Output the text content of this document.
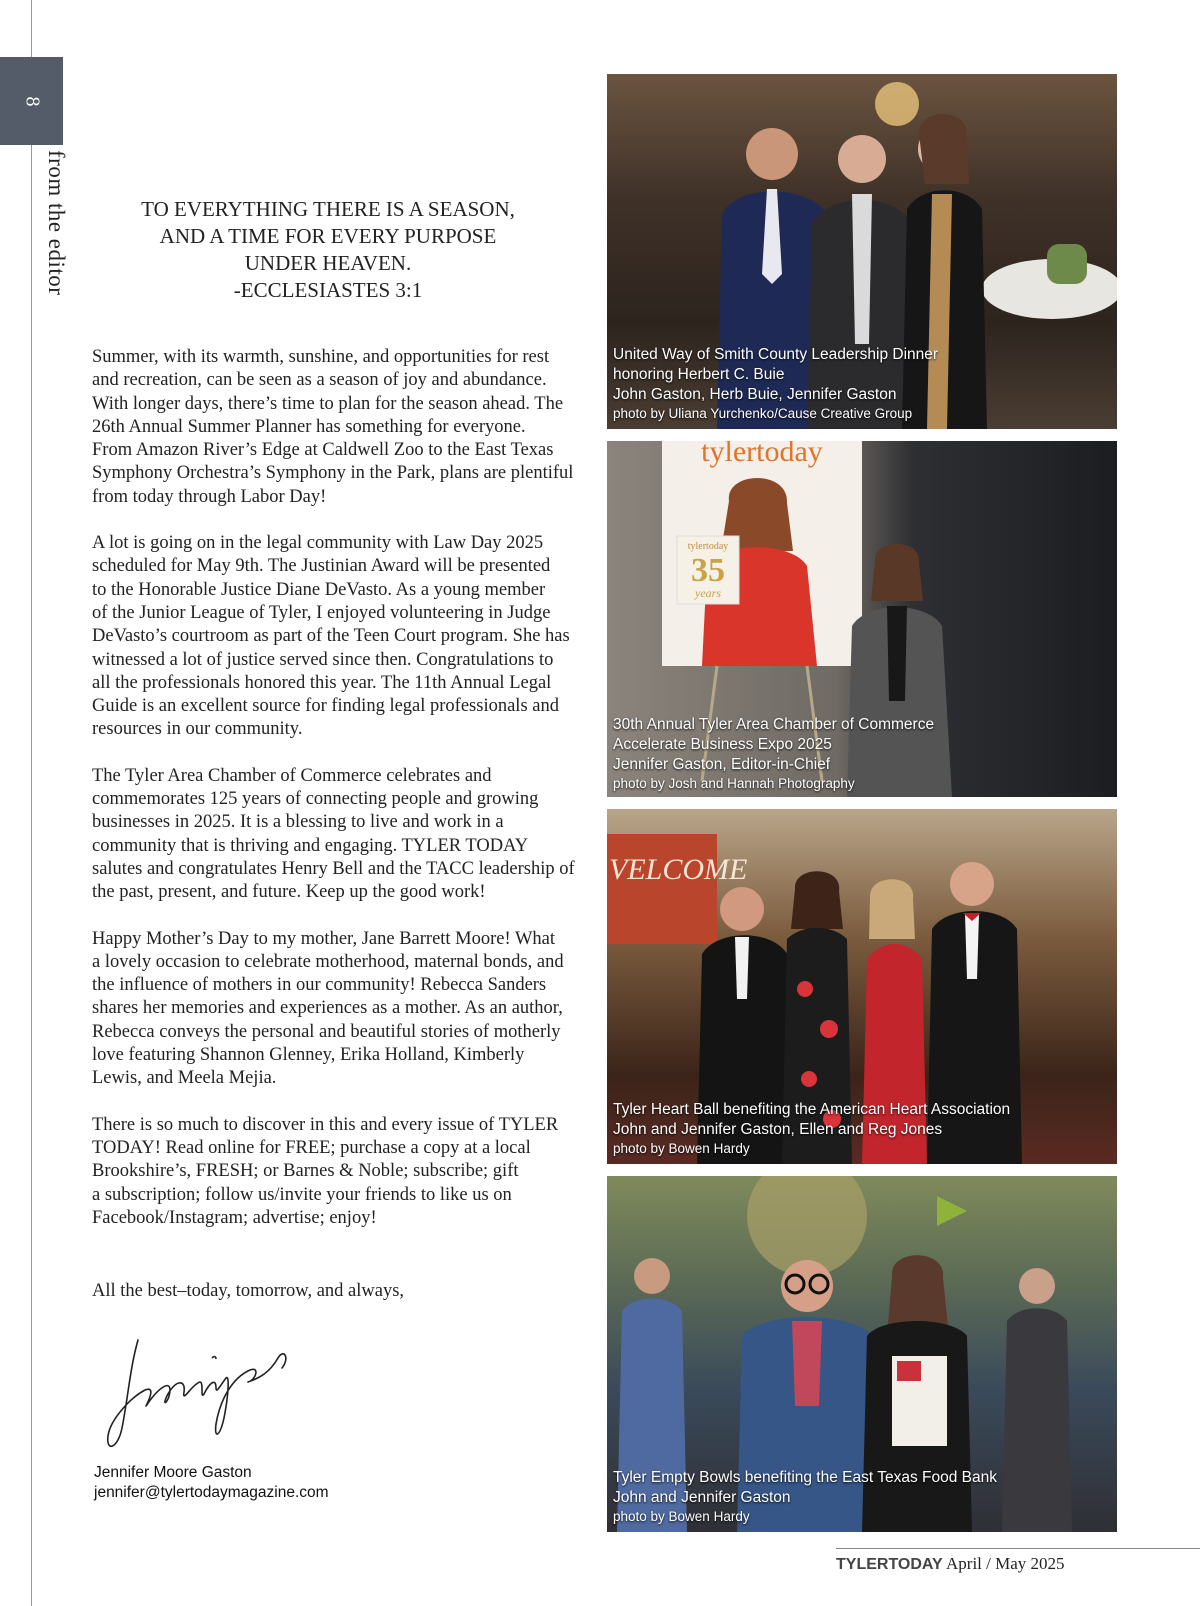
8
from the editor	TO EVERYTHING THERE IS A SEASON,
AND A TIME FOR EVERY PURPOSE
UNDER HEAVEN.
-ECCLESIASTES 3:1

Summer, with its warmth, sunshine, and opportunities for rest
and recreation, can be seen as a season of joy and abundance.
With longer days, there’s time to plan for the season ahead. The
26th Annual Summer Planner has something for everyone.
From Amazon River’s Edge at Caldwell Zoo to the East Texas
Symphony Orchestra’s Symphony in the Park, plans are plentiful
from today through Labor Day!

A lot is going on in the legal community with Law Day 2025
scheduled for May 9th. The Justinian Award will be presented
to the Honorable Justice Diane DeVasto. As a young member
of the Junior League of Tyler, I enjoyed volunteering in Judge
DeVasto’s courtroom as part of the Teen Court program. She has
witnessed a lot of justice served since then. Congratulations to
all the professionals honored this year. The 11th Annual Legal
Guide is an excellent source for finding legal professionals and
resources in our community.

The Tyler Area Chamber of Commerce celebrates and
commemorates 125 years of connecting people and growing
businesses in 2025. It is a blessing to live and work in a
community that is thriving and engaging. TYLER TODAY
salutes and congratulates Henry Bell and the TACC leadership of
the past, present, and future. Keep up the good work!

Happy Mother’s Day to my mother, Jane Barrett Moore! What
a lovely occasion to celebrate motherhood, maternal bonds, and
the influence of mothers in our community! Rebecca Sanders
shares her memories and experiences as a mother. As an author,
Rebecca conveys the personal and beautiful stories of motherly
love featuring Shannon Glenney, Erika Holland, Kimberly
Lewis, and Meela Mejia.

There is so much to discover in this and every issue of TYLER
TODAY! Read online for FREE; purchase a copy at a local
Brookshire’s, FRESH; or Barnes & Noble; subscribe; gift
a subscription; follow us/invite your friends to like us on
Facebook/Instagram; advertise; enjoy!

All the best–today, tomorrow, and always,
Jennifer Moore Gaston
jennifer@tylertodaymagazine.com
United Way of Smith County Leadership Dinner
honoring Herbert C. Buie
John Gaston, Herb Buie, Jennifer Gaston
photo by Uliana Yurchenko/Cause Creative Group
tylertoday
tylertoday
35
years
30th Annual Tyler Area Chamber of Commerce
Accelerate Business Expo 2025
Jennifer Gaston, Editor-in-Chief
photo by Josh and Hannah Photography
VELCOME
Tyler Heart Ball benefiting the American Heart Association
John and Jennifer Gaston, Ellen and Reg Jones
photo by Bowen Hardy
Tyler Empty Bowls benefiting the East Texas Food Bank
John and Jennifer Gaston
photo by Bowen Hardy
TYLERTODAY April / May 2025
